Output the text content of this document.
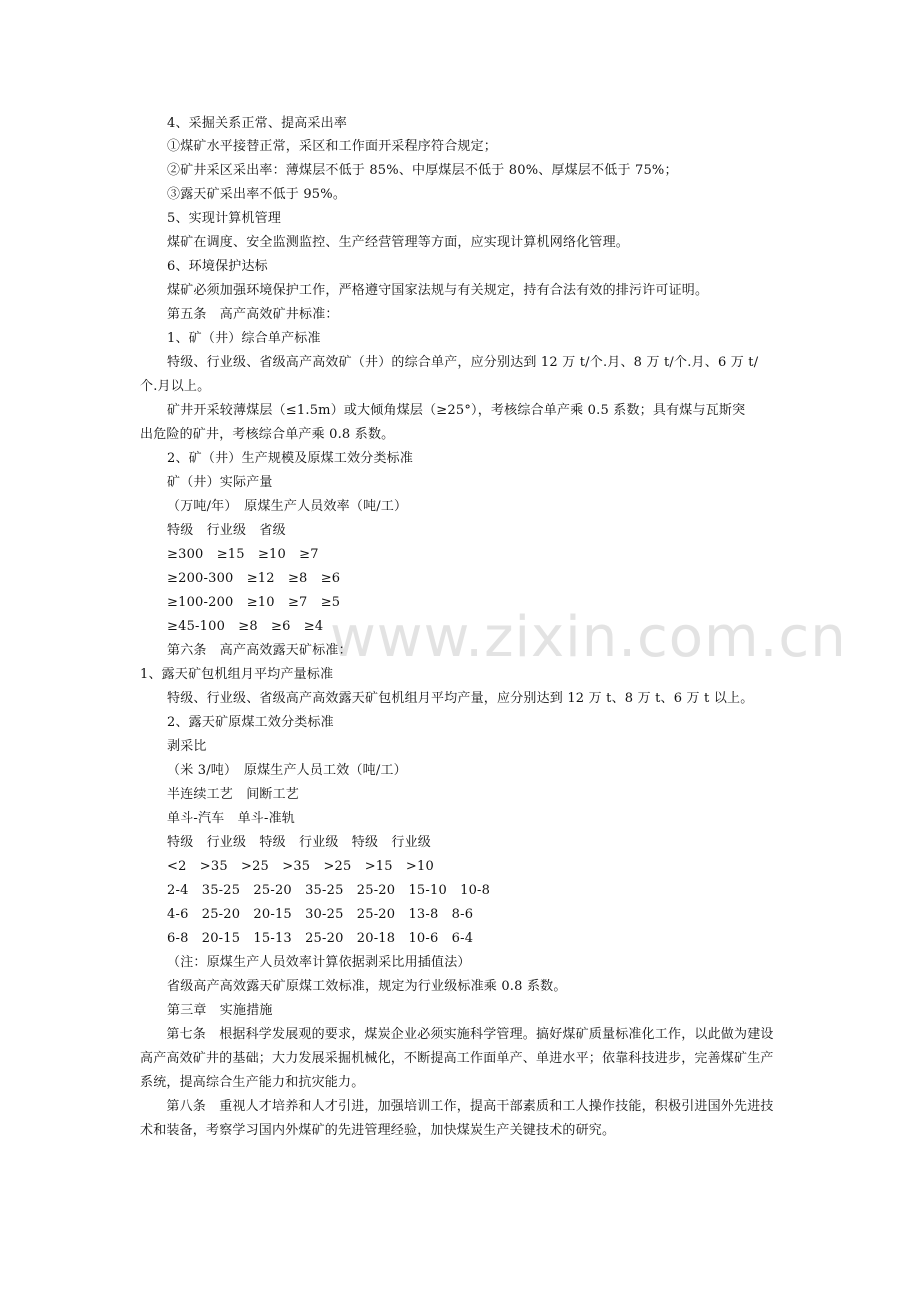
www.zixin.com.cn
4、采掘关系正常、提高采出率
①煤矿水平接替正常，采区和工作面开采程序符合规定；
②矿井采区采出率：薄煤层不低于 85%、中厚煤层不低于 80%、厚煤层不低于 75%；
③露天矿采出率不低于 95%。
5、实现计算机管理
煤矿在调度、安全监测监控、生产经营管理等方面，应实现计算机网络化管理。
6、环境保护达标
煤矿必须加强环境保护工作，严格遵守国家法规与有关规定，持有合法有效的排污许可证明。
第五条　高产高效矿井标准：
1、矿（井）综合单产标准
特级、行业级、省级高产高效矿（井）的综合单产，应分别达到 12 万 t/个.月、8 万 t/个.月、6 万 t/
个.月以上。
矿井开采较薄煤层（≤1.5m）或大倾角煤层（≥25°），考核综合单产乘 0.5 系数；具有煤与瓦斯突
出危险的矿井，考核综合单产乘 0.8 系数。
2、矿（井）生产规模及原煤工效分类标准
矿（井）实际产量
（万吨/年）　原煤生产人员效率（吨/工）
特级　行业级　省级
≥300　≥15　≥10　≥7
≥200-300　≥12　≥8　≥6
≥100-200　≥10　≥7　≥5
≥45-100　≥8　≥6　≥4
第六条　高产高效露天矿标准：
1、露天矿包机组月平均产量标准
特级、行业级、省级高产高效露天矿包机组月平均产量，应分别达到 12 万 t、8 万 t、6 万 t 以上。
2、露天矿原煤工效分类标准
剥采比
（米 3/吨）　原煤生产人员工效（吨/工）
半连续工艺　间断工艺
单斗-汽车　单斗-准轨
特级　行业级　特级　行业级　特级　行业级
<2　>35　>25　>35　>25　>15　>10
2-4　35-25　25-20　35-25　25-20　15-10　10-8
4-6　25-20　20-15　30-25　25-20　13-8　8-6
6-8　20-15　15-13　25-20　20-18　10-6　6-4
（注：原煤生产人员效率计算依据剥采比用插值法）
省级高产高效露天矿原煤工效标准，规定为行业级标准乘 0.8 系数。
第三章　实施措施
　　第七条　根据科学发展观的要求，煤炭企业必须实施科学管理。搞好煤矿质量标准化工作，以此做为建设高产高效矿井的基础；大力发展采掘机械化，不断提高工作面单产、单进水平；依靠科技进步，完善煤矿生产系统，提高综合生产能力和抗灾能力。
　　第八条　重视人才培养和人才引进，加强培训工作，提高干部素质和工人操作技能，积极引进国外先进技术和装备，考察学习国内外煤矿的先进管理经验，加快煤炭生产关键技术的研究。
